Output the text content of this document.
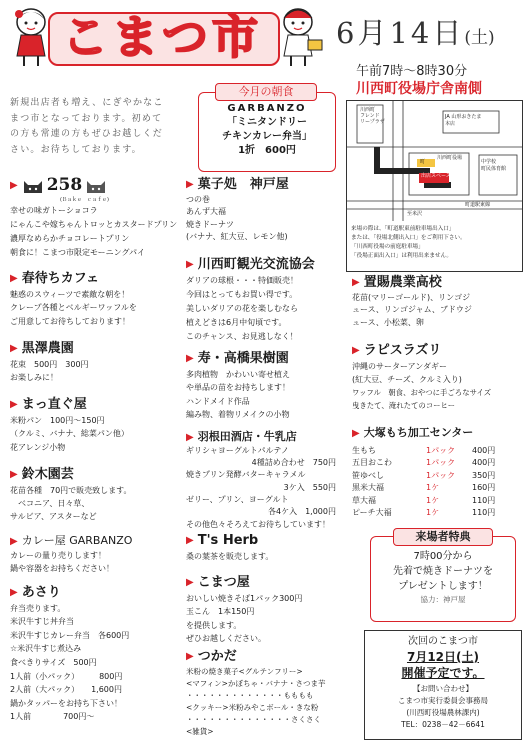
こまつ市	6月14日(土)
午前7時～8時30分
川西町役場庁舎南側
新規出店者も増え、にぎやかなこ
まつ市となっております。初めて
の方も常連の方もぜひお越しくだ
さい。お待ちしております。
今月の朝食
GARBANZO
「ミニタンドリー
チキンカレー弁当」
1折　600円
川西町
フレンド
リープラザ
JA 山形おきたま
本店
川西町役場
町
出店スペース
町道駅東線
中学校
町民体育館
至米沢
来場の際は、「町道駅東前駐車場出入口」
または、「役場北側出入口」をご利用下さい。
「川西町役場の前庭駐車場」
「役場正面出入口」は利用出来ません。
▶ 258
(Ｂａｋｅ　ｃａｆｅ)
幸せの味ガトーショコラ
にゃんこや嫁ちゃんトロッとカスタードプリン
濃厚なめらかチョコレートプリン
朝食に！こまつ市限定モーニングパイ
▶ 春待ちカフェ
魅惑のスウィーツで素敵な朝を！
クレープ各種とベルギーワッフルを
ご用意してお待ちしております！
▶ 黒澤農園
花束　500円　300円
お楽しみに！
▶ まっ直ぐ屋
米粉パン　100円～150円
（クルミ、バナナ、総菜パン他）
花アレンジ小物
▶ 鈴木園芸
花苗各種　70円で販売致します。
ベコニア、日々草、
サルビア、アスターなど
▶ カレー屋 GARBANZO
カレーの量り売りします！
鍋や容器をお持ちください！
▶ あさり
弁当売ります。
米沢牛すじ丼弁当
米沢牛すじカレー弁当　各600円
☆米沢牛すじ煮込み
食べきりサイズ　500円
1人前（小パック）　　　800円
2人前（大パック）　　1,600円
鍋かタッパーをお持ち下さい！
1人前　　　　700円～
▶ 菓子処　神戸屋
つの巻
あんず大福
焼きドーナツ
(バナナ、紅大豆、レモン他)
▶ 川西町観光交流協会
ダリアの球根・・・特価販売！
今回はとってもお買い得です。
美しいダリアの花を楽しむなら
植えどきは6月中旬頃です。
このチャンス、お見逃しなく！
▶ 寿・高橋果樹園
多肉植物　かわいい寄せ植え
や単品の苗をお持ちします！
ハンドメイド作品
編み物、着物リメイクの小物
▶ 羽根田酒店・牛乳店
ギリシャヨーグルトパルテノ
4種詰め合わせ　750円
焼きプリン発酵バターキャラメル
3ケ入　550円
ゼリー、プリン、ヨーグルト
各4ケ入　1,000円
その他色々そろえてお待ちしています！
▶ T's Herb
桑の葉茶を販売します。
▶ こまつ屋
おいしい焼きそば1パック300円
玉こん　1本150円
を提供します。
ぜひお越しください。
▶ つかだ
米粉の焼き菓子<グルテンフリー>
<マフィン>かぼちゃ・バナナ・さつま芋
・・・・・・・・・・・・・もももも
<クッキー>米粉みやこボール・きな粉
・・・・・・・・・・・・・・さくさく
<雑貨>
▶ 置賜農業高校
花苗(マリーゴールド)、リンゴジ
ュース、リンゴジャム、ブドウジ
ュース、小松菜、卵
▶ ラピスラズリ
沖縄のサーターアンダギー
(紅大豆、チーズ、クルミ入り)
ワッフル　朝食、おやつに手ごろなサイズ
曳きたて、淹れたてのコーヒー
▶ 大塚もち加工センター
生もち	1パック	400円
五目おこわ	1パック	400円
笹ゆべし	1パック	350円
黒米大福	1ケ	160円
草大福	1ケ	110円
ピーチ大福	1ケ	110円
来場者特典
7時00分から
先着で焼きドーナツを
プレゼントします！
協力：神戸屋
次回のこまつ市
7月12日(土)
開催予定です。
【お問い合わせ】
こまつ市実行委員会事務局
(川西町役場農林課内)
TEL：0238－42－6641
